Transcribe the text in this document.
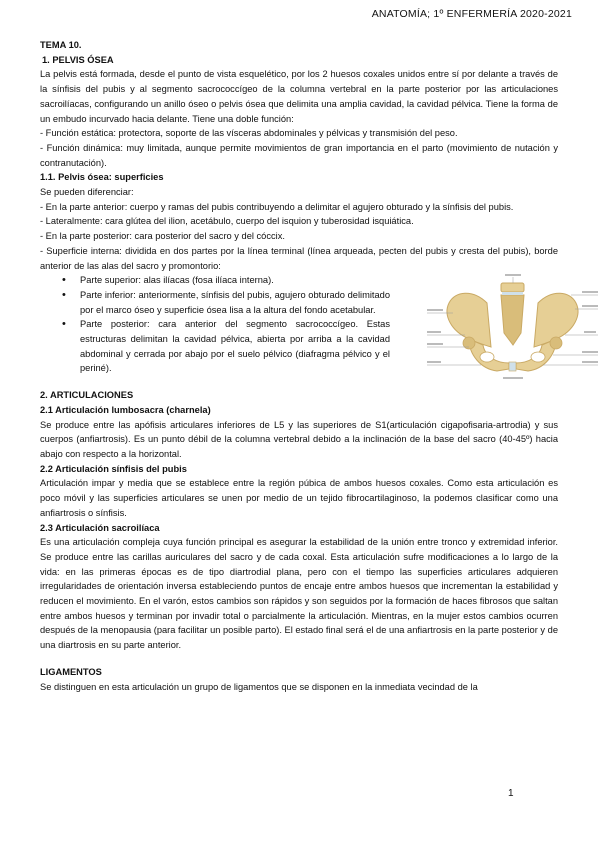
ANATOMÍA; 1º ENFERMERÍA 2020-2021

TEMA 10.

1. PELVIS ÓSEA

La pelvis está formada, desde el punto de vista esquelético, por los 2 huesos coxales unidos entre sí por delante a través de la sínfisis del pubis y al segmento sacrococcígeo de la columna vertebral en la parte posterior por las articulaciones sacroilíacas, configurando un anillo óseo o pelvis ósea que delimita una amplia cavidad, la cavidad pélvica. Tiene la forma de un embudo incurvado hacia delante. Tiene una doble función:

- Función estática: protectora, soporte de las vísceras abdominales y pélvicas y transmisión del peso.

- Función dinámica: muy limitada, aunque permite movimientos de gran importancia en el parto (movimiento de nutación y contranutación).

1.1. Pelvis ósea: superficies

Se pueden diferenciar:

- En la parte anterior: cuerpo y ramas del pubis contribuyendo a delimitar el agujero obturado y la sínfisis del pubis.

- Lateralmente: cara glútea del ilion, acetábulo, cuerpo del isquion y tuberosidad isquiática.

- En la parte posterior: cara posterior del sacro y del cóccix.

- Superficie interna: dividida en dos partes por la línea terminal (línea arqueada, pecten del pubis y cresta del pubis), borde anterior de las alas del sacro y promontorio:

• Parte superior: alas ilíacas (fosa ilíaca interna).
• Parte inferior: anteriormente, sínfisis del pubis, agujero obturado delimitado por el marco óseo y superficie ósea lisa a la altura del fondo acetabular.
• Parte posterior: cara anterior del segmento sacrococcígeo. Estas estructuras delimitan la cavidad pélvica, abierta por arriba a la cavidad abdominal y cerrada por abajo por el suelo pélvico (diafragma pélvico y el periné).

2. ARTICULACIONES

2.1 Articulación lumbosacra (charnela)

Se produce entre las apófisis articulares inferiores de L5 y las superiores de S1(articulación cigapofisaria-artrodia) y sus cuerpos (anfiartrosis). Es un punto débil de la columna vertebral debido a la inclinación de la base del sacro (40-45º) hacia abajo con respecto a la horizontal.

2.2 Articulación sínfisis del pubis

Articulación impar y media que se establece entre la región púbica de ambos huesos coxales. Como esta articulación es poco móvil y las superficies articulares se unen por medio de un tejido fibrocartilaginoso, la podemos clasificar como una anfiartrosis o sínfisis.

2.3 Articulación sacroilíaca

Es una articulación compleja cuya función principal es asegurar la estabilidad de la unión entre tronco y extremidad inferior. Se produce entre las carillas auriculares del sacro y de cada coxal. Esta articulación sufre modificaciones a lo largo de la vida: en las primeras épocas es de tipo diartrodial plana, pero con el tiempo las superficies articulares adquieren irregularidades de orientación inversa estableciendo puntos de encaje entre ambos huesos que incrementan la estabilidad y reducen el movimiento. En el varón, estos cambios son rápidos y son seguidos por la formación de haces fibrosos que saltan entre ambos huesos y terminan por invadir total o parcialmente la articulación. Mientras, en la mujer estos cambios ocurren después de la menopausia (para facilitar un posible parto). El estado final será el de una anfiartrosis en la parte posterior y de una diartrosis en su parte anterior.

LIGAMENTOS

Se distinguen en esta articulación un grupo de ligamentos que se disponen en la inmediata vecindad de la

1
